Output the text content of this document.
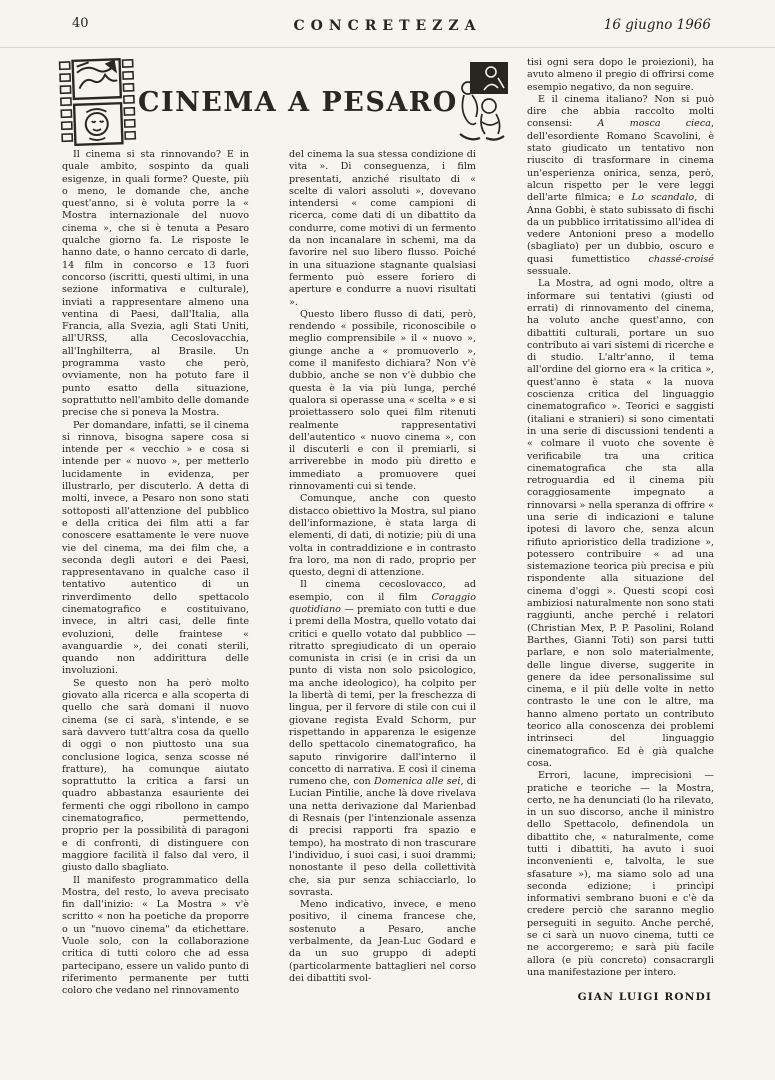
40	CONCRETEZZA	16 giugno 1966
CINEMA A PESARO

Il cinema si sta rinnovando? E in quale ambito, sospinto da quali esigenze, in quali forme? Queste, più o meno, le domande che, anche quest'anno, si è voluta porre la « Mostra internazionale del nuovo cinema », che si è tenuta a Pesaro qualche giorno fa. Le risposte le hanno date, o hanno cercato di darle, 14 film in concorso e 13 fuori concorso (iscritti, questi ultimi, in una sezione informativa e culturale), inviati a rappresentare almeno una ventina di Paesi, dall'Italia, alla Francia, alla Svezia, agli Stati Uniti, all'URSS, alla Cecoslovacchia, all'Inghilterra, al Brasile. Un programma vasto che però, ovviamente, non ha potuto fare il punto esatto della situazione, soprattutto nell'ambito delle domande precise che si poneva la Mostra.

Per domandare, infatti, se il cinema si rinnova, bisogna sapere cosa si intende per « vecchio » e cosa si intende per « nuovo », per metterlo lucidamente in evidenza, per illustrarlo, per discuterlo. A detta di molti, invece, a Pesaro non sono stati sottoposti all'attenzione del pubblico e della critica dei film atti a far conoscere esattamente le vere nuove vie del cinema, ma dei film che, a seconda degli autori e dei Paesi, rappresentavano in qualche caso il tentativo autentico di un rinverdimento dello spettacolo cinematografico e costituivano, invece, in altri casi, delle finte evoluzioni, delle fraintese « avanguardie », dei conati sterili, quando non addirittura delle involuzioni.

Se questo non ha però molto giovato alla ricerca e alla scoperta di quello che sarà domani il nuovo cinema (se ci sarà, s'intende, e se sarà davvero tutt'altra cosa da quello di oggi o non piuttosto una sua conclusione logica, senza scosse né fratture), ha comunque aiutato soprattutto la critica a farsi un quadro abbastanza esauriente dei fermenti che oggi ribollono in campo cinematografico, permettendo, proprio per la possibilità di paragoni e di confronti, di distinguere con maggiore facilità il falso dal vero, il giusto dallo sbagliato.

Il manifesto programmatico della Mostra, del resto, lo aveva precisato fin dall'inizio: « La Mostra » v'è scritto « non ha poetiche da proporre o un "nuovo cinema" da etichettare. Vuole solo, con la collaborazione critica di tutti coloro che ad essa partecipano, essere un valido punto di riferimento permanente per tutti coloro che vedano nel rinnovamento

del cinema la sua stessa condizione di vita ». Di conseguenza, i film presentati, anziché risultato di « scelte di valori assoluti », dovevano intendersi « come campioni di ricerca, come dati di un dibattito da condurre, come motivi di un fermento da non incanalare in schemi, ma da favorire nel suo libero flusso. Poiché in una situazione stagnante qualsiasi fermento può essere foriero di aperture e condurre a nuovi risultati ».

Questo libero flusso di dati, però, rendendo « possibile, riconoscibile o meglio comprensibile » il « nuovo », giunge anche a « promuoverlo », come il manifesto dichiara? Non v'è dubbio, anche se non v'è dubbio che questa è la via più lunga, perché qualora si operasse una « scelta » e si proiettassero solo quei film ritenuti realmente rappresentativi dell'autentico « nuovo cinema », con il discuterli e con il premiarli, si arriverebbe in modo più diretto e immediato a promuovere quei rinnovamenti cui si tende.

Comunque, anche con questo distacco obiettivo la Mostra, sul piano dell'informazione, è stata larga di elementi, di dati, di notizie; più di una volta in contraddizione e in contrasto fra loro, ma non di rado, proprio per questo, degni di attenzione.

Il cinema cecoslovacco, ad esempio, con il film Coraggio quotidiano — premiato con tutti e due i premi della Mostra, quello votato dai critici e quello votato dal pubblico — ritratto spregiudicato di un operaio comunista in crisi (e in crisi da un punto di vista non solo psicologico, ma anche ideologico), ha colpito per la libertà di temi, per la freschezza di lingua, per il fervore di stile con cui il giovane regista Evald Schorm, pur rispettando in apparenza le esigenze dello spettacolo cinematografico, ha saputo rinvigorire dall'interno il concetto di narrativa. E così il cinema rumeno che, con Domenica alle sei, di Lucian Pintilie, anche là dove rivelava una netta derivazione dal Marienbad di Resnais (per l'intenzionale assenza di precisi rapporti fra spazio e tempo), ha mostrato di non trascurare l'individuo, i suoi casi, i suoi drammi; nonostante il peso della collettività che, sia pur senza schiacciarlo, lo sovrasta.

Meno indicativo, invece, e meno positivo, il cinema francese che, sostenuto a Pesaro, anche verbalmente, da Jean-Luc Godard e da un suo gruppo di adepti (particolarmente battaglieri nel corso dei dibattiti svol-

tisi ogni sera dopo le proiezioni), ha avuto almeno il pregio di offrirsi come esempio negativo, da non seguire.

E il cinema italiano? Non si può dire che abbia raccolto molti consensi: A mosca cieca, dell'esordiente Romano Scavolini, è stato giudicato un tentativo non riuscito di trasformare in cinema un'esperienza onirica, senza, però, alcun rispetto per le vere leggi dell'arte filmica; e Lo scandalo, di Anna Gobbi, è stato subissato di fischi da un pubblico irritatissimo all'idea di vedere Antonioni preso a modello (sbagliato) per un dubbio, oscuro e quasi fumettistico chassé-croisé sessuale.

La Mostra, ad ogni modo, oltre a informare sui tentativi (giusti od errati) di rinnovamento del cinema, ha voluto anche quest'anno, con dibattiti culturali, portare un suo contributo ai vari sistemi di ricerche e di studio. L'altr'anno, il tema all'ordine del giorno era « la critica », quest'anno è stata « la nuova coscienza critica del linguaggio cinematografico ». Teorici e saggisti (italiani e stranieri) si sono cimentati in una serie di discussioni tendenti a « colmare il vuoto che sovente è verificabile tra una critica cinematografica che sta alla retroguardia ed il cinema più coraggiosamente impegnato a rinnovarsi » nella speranza di offrire « una serie di indicazioni e talune ipotesi di lavoro che, senza alcun rifiuto aprioristico della tradizione », potessero contribuire « ad una sistemazione teorica più precisa e più rispondente alla situazione del cinema d'oggi ». Questi scopi così ambiziosi naturalmente non sono stati raggiunti, anche perché i relatori (Christian Mex, P. P. Pasolini, Roland Barthes, Gianni Toti) son parsi tutti parlare, e non solo materialmente, delle lingue diverse, suggerite in genere da idee personalissime sul cinema, e il più delle volte in netto contrasto le une con le altre, ma hanno almeno portato un contributo teorico alla conoscenza dei problemi intrinseci del linguaggio cinematografico. Ed è già qualche cosa.

Errori, lacune, imprecisioni — pratiche e teoriche — la Mostra, certo, ne ha denunciati (lo ha rilevato, in un suo discorso, anche il ministro dello Spettacolo, definendola un dibattito che, « naturalmente, come tutti i dibattiti, ha avuto i suoi inconvenienti e, talvolta, le sue sfasature »), ma siamo solo ad una seconda edizione; i princìpi informativi sembrano buoni e c'è da credere perciò che saranno meglio perseguiti in seguito. Anche perché, se ci sarà un nuovo cinema, tutti ce ne accorgeremo; e sarà più facile allora (e più concreto) consacrargli una manifestazione per intero.

GIAN LUIGI RONDI
